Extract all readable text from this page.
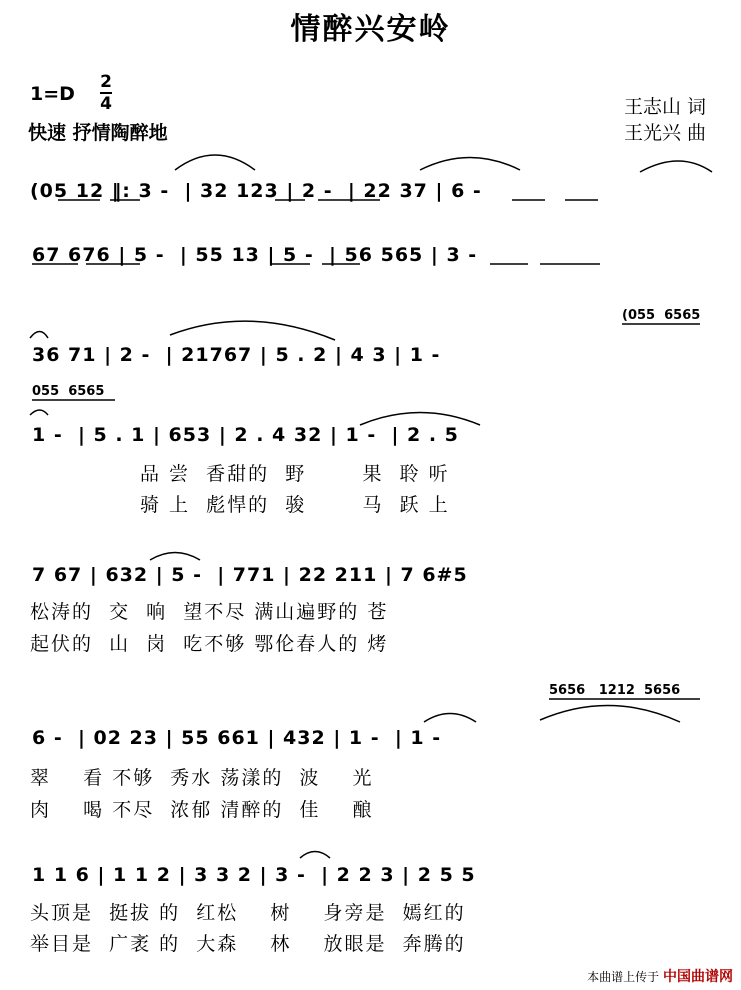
情醉兴安岭
1=D
2
4
快速 抒情陶醉地
王志山 词
王光兴 曲
(05 12 ‖: 3 -  | 32 123 | 2 -  | 22 37 | 6 -
67 676 | 5 -  | 55 13 | 5 -  | 56 565 | 3 -
(055  6565
36 71 | 2 -  | 21767 | 5 . 2 | 4 3 | 1 -
055  6565
1 -  | 5 . 1 | 653 | 2 . 4 32 | 1 -  | 2 . 5
品 尝  香甜的  野       果  聆 听
骑 上  彪悍的  骏       马  跃 上
7 67 | 632 | 5 -  | 771 | 22 211 | 7 6#5
松涛的  交  响  望不尽 满山遍野的 苍
起伏的  山  岗  吃不够 鄂伦春人的 烤
5656   1212  5656
6 -  | 02 23 | 55 661 | 432 | 1 -  | 1 -
翠    看 不够  秀水 荡漾的  波    光
肉    喝 不尽  浓郁 清醉的  佳    酿
1 1 6 | 1 1 2 | 3 3 2 | 3 -  | 2 2 3 | 2 5 5
头顶是  挺拔 的  红松    树    身旁是  嫣红的
举目是  广袤 的  大森    林    放眼是  奔腾的
本曲谱上传于 中国曲谱网
